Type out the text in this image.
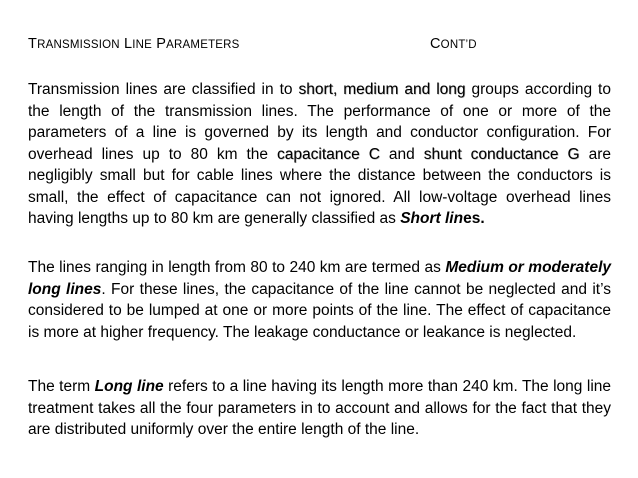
TRANSMISSION LINE PARAMETERS	CONT’D

Transmission lines are classified in to short, medium and long groups according to the length of the transmission lines. The performance of one or more of the parameters of a line is governed by its length and conductor configuration. For overhead lines up to 80 km the capacitance C and shunt conductance G are negligibly small but for cable lines where the distance between the conductors is small, the effect of capacitance can not ignored. All low-voltage overhead lines having lengths up to 80 km are generally classified as Short lines.

The lines ranging in length from 80 to 240 km are termed as Medium or moderately long lines. For these lines, the capacitance of the line cannot be neglected and it’s considered to be lumped at one or more points of the line. The effect of capacitance is more at higher frequency. The leakage conductance or leakance is neglected.

The term Long line refers to a line having its length more than 240 km. The long line treatment takes all the four parameters in to account and allows for the fact that they are distributed uniformly over the entire length of the line.
